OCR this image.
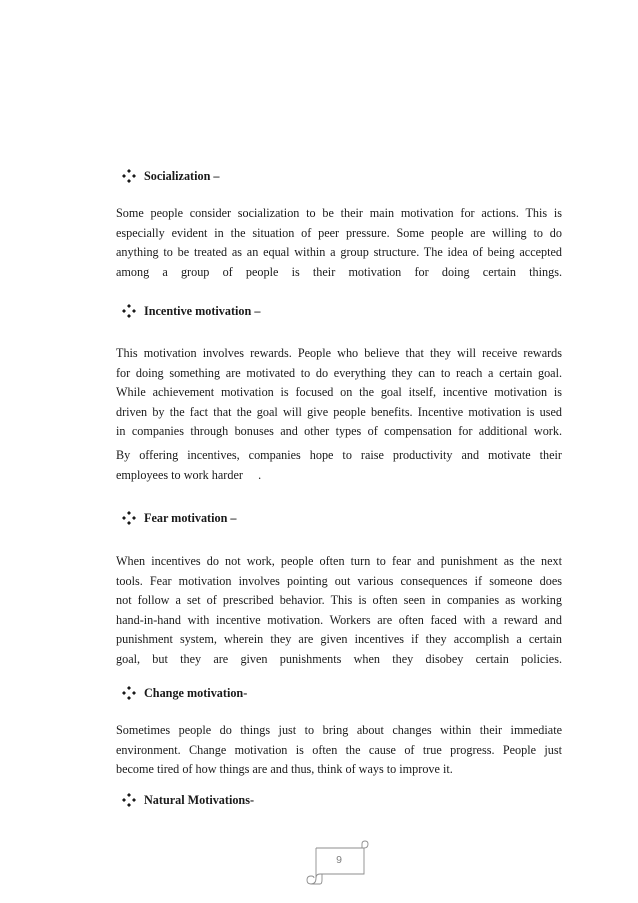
Socialization –
Some people consider socialization to be their main motivation for actions. This is
especially evident in the situation of peer pressure. Some people are willing to do
anything to be treated as an equal within a group structure. The idea of being accepted
among a group of people is their motivation for doing certain things.
Incentive motivation –
This motivation involves rewards. People who believe that they will receive rewards
for doing something are motivated to do everything they can to reach a certain goal.
While achievement motivation is focused on the goal itself, incentive motivation is
driven by the fact that the goal will give people benefits. Incentive motivation is used
in companies through bonuses and other types of compensation for additional work.
By offering incentives, companies hope to raise productivity and motivate their
employees to work harder     .
Fear motivation –
When incentives do not work, people often turn to fear and punishment as the next
tools. Fear motivation involves pointing out various consequences if someone does
not follow a set of prescribed behavior. This is often seen in companies as working
hand-in-hand with incentive motivation. Workers are often faced with a reward and
punishment system, wherein they are given incentives if they accomplish a certain
goal, but they are given punishments when they disobey certain policies.
Change motivation-
Sometimes people do things just to bring about changes within their immediate
environment. Change motivation is often the cause of true progress. People just
become tired of how things are and thus, think of ways to improve it.
Natural Motivations-
9
